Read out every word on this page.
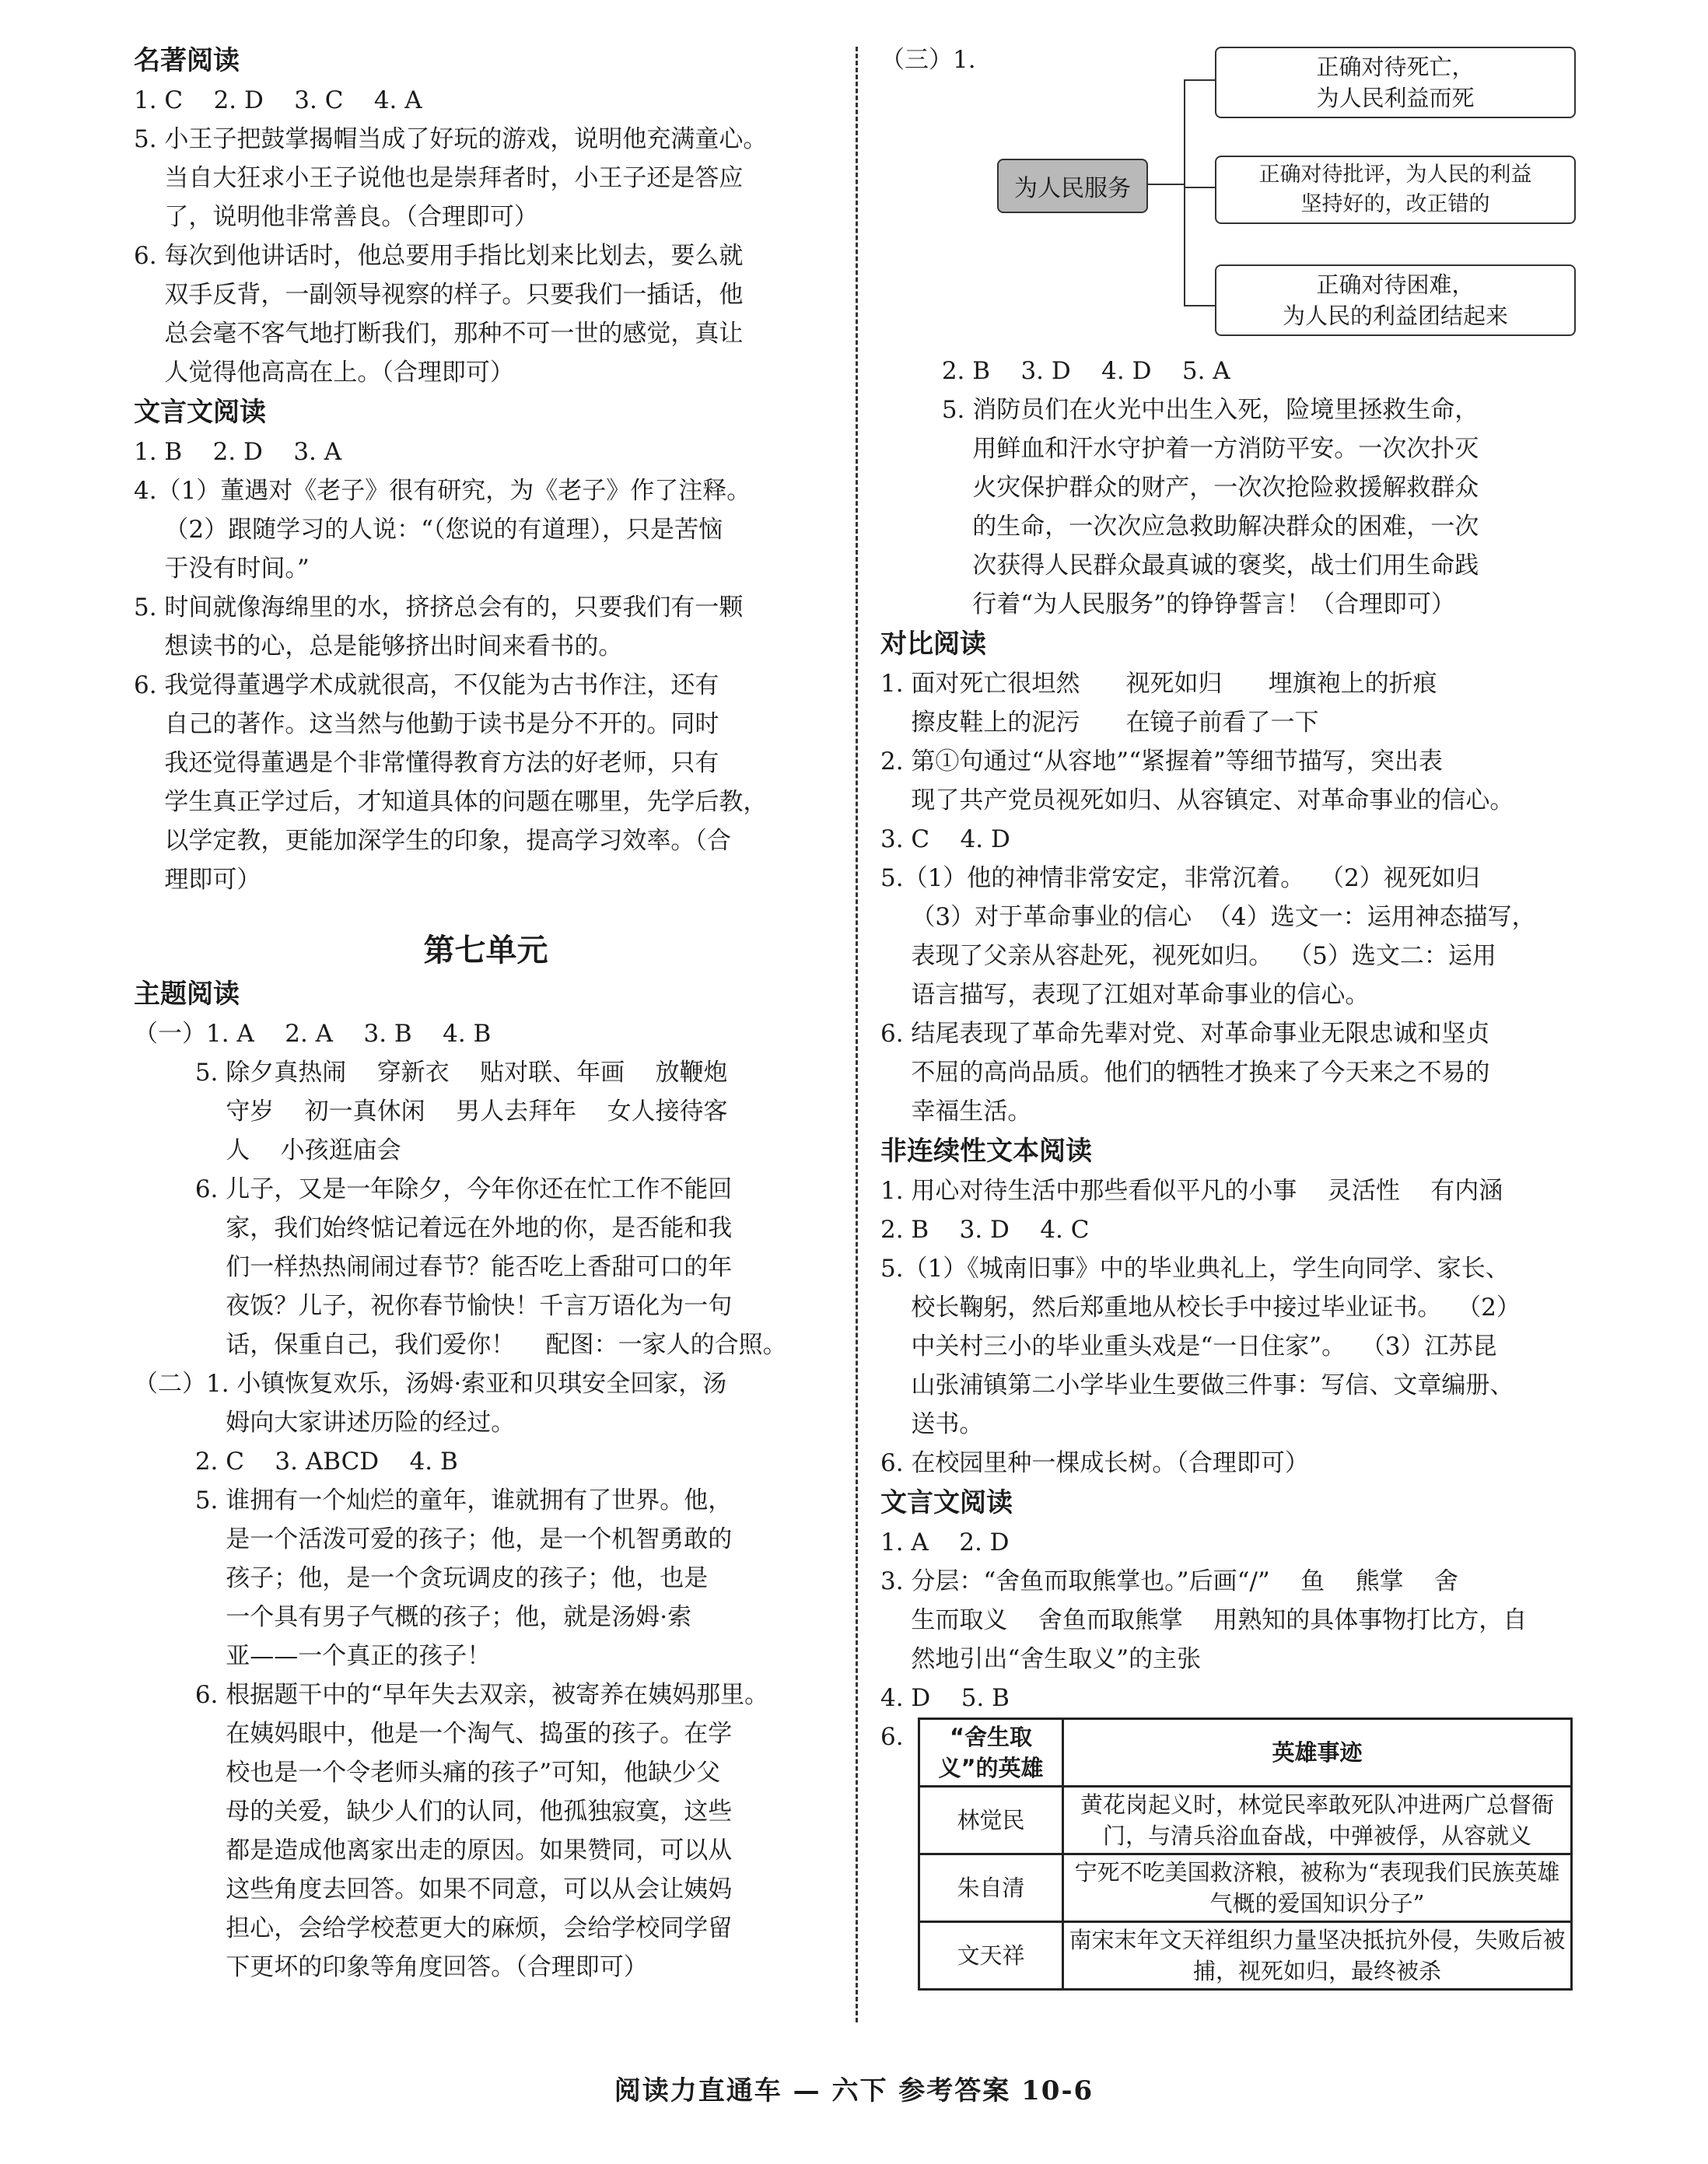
名著阅读
1. C    2. D    3. C    4. A
5. 小王子把鼓掌揭帽当成了好玩的游戏，说明他充满童心。
当自大狂求小王子说他也是崇拜者时，小王子还是答应
了，说明他非常善良。（合理即可）
6. 每次到他讲话时，他总要用手指比划来比划去，要么就
双手反背，一副领导视察的样子。只要我们一插话，他
总会毫不客气地打断我们，那种不可一世的感觉，真让
人觉得他高高在上。（合理即可）
文言文阅读
1. B    2. D    3. A
4.（1）董遇对《老子》很有研究，为《老子》作了注释。
（2）跟随学习的人说：“（您说的有道理），只是苦恼
于没有时间。”
5. 时间就像海绵里的水，挤挤总会有的，只要我们有一颗
想读书的心，总是能够挤出时间来看书的。
6. 我觉得董遇学术成就很高，不仅能为古书作注，还有
自己的著作。这当然与他勤于读书是分不开的。同时
我还觉得董遇是个非常懂得教育方法的好老师，只有
学生真正学过后，才知道具体的问题在哪里，先学后教，
以学定教，更能加深学生的印象，提高学习效率。（合
理即可）
第七单元
主题阅读
（一）1. A    2. A    3. B    4. B
5. 除夕真热闹    穿新衣    贴对联、年画    放鞭炮
守岁    初一真休闲    男人去拜年    女人接待客
人    小孩逛庙会
6. 儿子，又是一年除夕，今年你还在忙工作不能回
家，我们始终惦记着远在外地的你，是否能和我
们一样热热闹闹过春节？能否吃上香甜可口的年
夜饭？儿子，祝你春节愉快！千言万语化为一句
话，保重自己，我们爱你！    配图：一家人的合照。
（二）1. 小镇恢复欢乐，汤姆·索亚和贝琪安全回家，汤
姆向大家讲述历险的经过。
2. C    3. ABCD    4. B
5. 谁拥有一个灿烂的童年，谁就拥有了世界。他，
是一个活泼可爱的孩子；他，是一个机智勇敢的
孩子；他，是一个贪玩调皮的孩子；他，也是
一个具有男子气概的孩子；他，就是汤姆·索
亚——一个真正的孩子！
6. 根据题干中的“早年失去双亲，被寄养在姨妈那里。
在姨妈眼中，他是一个淘气、捣蛋的孩子。在学
校也是一个令老师头痛的孩子”可知，他缺少父
母的关爱，缺少人们的认同，他孤独寂寞，这些
都是造成他离家出走的原因。如果赞同，可以从
这些角度去回答。如果不同意，可以从会让姨妈
担心，会给学校惹更大的麻烦，会给学校同学留
下更坏的印象等角度回答。（合理即可）
（三）1.
为人民服务
正确对待死亡，
为人民利益而死
正确对待批评，为人民的利益
坚持好的，改正错的
正确对待困难，
为人民的利益团结起来
2. B    3. D    4. D    5. A
5. 消防员们在火光中出生入死，险境里拯救生命，
用鲜血和汗水守护着一方消防平安。一次次扑灭
火灾保护群众的财产，一次次抢险救援解救群众
的生命，一次次应急救助解决群众的困难，一次
次获得人民群众最真诚的褒奖，战士们用生命践
行着“为人民服务”的铮铮誓言！（合理即可）
对比阅读
1. 面对死亡很坦然      视死如归      埋旗袍上的折痕
擦皮鞋上的泥污      在镜子前看了一下
2. 第①句通过“从容地”“紧握着”等细节描写，突出表
现了共产党员视死如归、从容镇定、对革命事业的信心。
3. C    4. D
5.（1）他的神情非常安定，非常沉着。  （2）视死如归
（3）对于革命事业的信心  （4）选文一：运用神态描写，
表现了父亲从容赴死，视死如归。  （5）选文二：运用
语言描写，表现了江姐对革命事业的信心。
6. 结尾表现了革命先辈对党、对革命事业无限忠诚和坚贞
不屈的高尚品质。他们的牺牲才换来了今天来之不易的
幸福生活。
非连续性文本阅读
1. 用心对待生活中那些看似平凡的小事    灵活性    有内涵
2. B    3. D    4. C
5.（1）《城南旧事》中的毕业典礼上，学生向同学、家长、
校长鞠躬，然后郑重地从校长手中接过毕业证书。  （2）
中关村三小的毕业重头戏是“一日住家”。  （3）江苏昆
山张浦镇第二小学毕业生要做三件事：写信、文章编册、
送书。
6. 在校园里种一棵成长树。（合理即可）
文言文阅读
1. A    2. D
3. 分层：“舍鱼而取熊掌也。”后画“/”    鱼    熊掌    舍
生而取义    舍鱼而取熊掌    用熟知的具体事物打比方，自
然地引出“舍生取义”的主张
4. D    5. B
6. “舍生取义”的英雄	英雄事迹
林觉民	黄花岗起义时，林觉民率敢死队冲进两广总督衙门，与清兵浴血奋战，中弹被俘，从容就义
朱自清	宁死不吃美国救济粮，被称为“表现我们民族英雄气概的爱国知识分子”
文天祥	南宋末年文天祥组织力量坚决抵抗外侵，失败后被捕，视死如归，最终被杀
阅读力直通车 — 六下 参考答案 10-6
